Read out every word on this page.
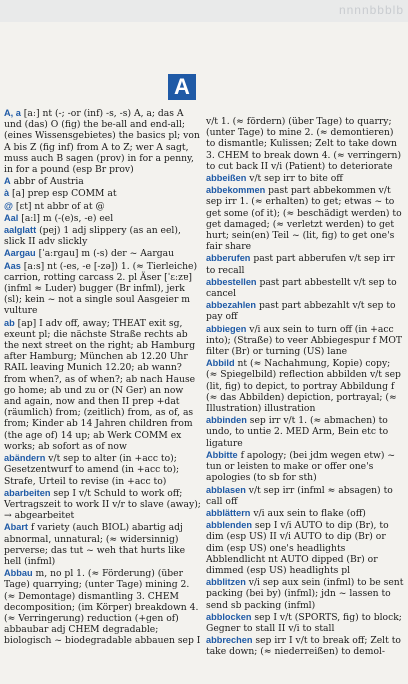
nnnnbbblb
A
A, a [aː] nt (-; -or (inf) -s, -s) A, a; das A und (das) O (fig) the be-all and end-all; (eines Wissensgebietes) the basics pl; von A bis Z (fig inf) from A to Z; wer A sagt, muss auch B sagen (prov) in for a penny, in for a pound (esp Br prov)
A abbr of Austria
à [a] prep esp COMM at
@ [ɛt] nt abbr of at @
Aal [aːl] m (-(e)s, -e) eel
aalglatt (pej) 1 adj slippery (as an eel), slick II adv slickly
Aargau [ˈaːrgau] m (-s) der ~ Aargau
Aas [aːs] nt (-es, -e [-zə]) 1. (≈ Tierleiche) carrion, rotting carcass 2. pl Äser [ˈɛːzɐ] (infml ≈ Luder) bugger (Br infml), jerk (sl); kein ~ not a single soul Aasgeier m vulture
ab [ap] I adv off, away; THEAT exit sg, exeunt pl; die nächste Straße rechts ab the next street on the right; ab Hamburg after Hamburg; München ab 12.20 Uhr RAIL leaving Munich 12.20; ab wann? from when?, as of when?; ab nach Hause go home; ab und zu or (N Ger) an now and again, now and then II prep +dat (räumlich) from; (zeitlich) from, as of, as from; Kinder ab 14 Jahren children from (the age of) 14 up; ab Werk COMM ex works; ab sofort as of now
abändern v/t sep to alter (in +acc to); Gesetzentwurf to amend (in +acc to); Strafe, Urteil to revise (in +acc to)
abarbeiten sep I v/t Schuld to work off; Vertragszeit to work II v/r to slave (away); → abgearbeitet
Abart f variety (auch BIOL) abartig adj abnormal, unnatural; (≈ widersinnig) perverse; das tut ~ weh that hurts like hell (infml)
Abbau m, no pl 1. (≈ Förderung) (über Tage) quarrying; (unter Tage) mining 2. (≈ Demontage) dismantling 3. CHEM decomposition; (im Körper) breakdown 4. (≈ Verringerung) reduction (+gen of) abbaubar adj CHEM degradable; biologisch ~ biodegradable abbauen sep I
v/t 1. (≈ fördern) (über Tage) to quarry; (unter Tage) to mine 2. (≈ demontieren) to dismantle; Kulissen; Zelt to take down 3. CHEM to break down 4. (≈ verringern) to cut back II v/i (Patient) to deteriorate
abbeißen v/t sep irr to bite off
abbekommen past part abbekommen v/t sep irr 1. (≈ erhalten) to get; etwas ~ to get some (of it); (≈ beschädigt werden) to get damaged; (≈ verletzt werden) to get hurt; sein(en) Teil ~ (lit, fig) to get one's fair share
abberufen past part abberufen v/t sep irr to recall
abbestellen past part abbestellt v/t sep to cancel
abbezahlen past part abbezahlt v/t sep to pay off
abbiegen v/i aux sein to turn off (in +acc into); (Straße) to veer Abbiegespur f MOT filter (Br) or turning (US) lane
Abbild nt (≈ Nachahmung, Kopie) copy; (≈ Spiegelbild) reflection abbilden v/t sep (lit, fig) to depict, to portray Abbildung f (≈ das Abbilden) depiction, portrayal; (≈ Illustration) illustration
abbinden sep irr v/t 1. (≈ abmachen) to undo, to untie 2. MED Arm, Bein etc to ligature
Abbitte f apology; (bei jdm wegen etw) ~ tun or leisten to make or offer one's apologies (to sb for sth)
abblasen v/t sep irr (infml ≈ absagen) to call off
abblättern v/i aux sein to flake (off)
abblenden sep I v/i AUTO to dip (Br), to dim (esp US) II v/i AUTO to dip (Br) or dim (esp US) one's headlights Abblendlicht nt AUTO dipped (Br) or dimmed (esp US) headlights pl
abblitzen v/i sep aux sein (infml) to be sent packing (bei by) (infml); jdn ~ lassen to send sb packing (infml)
abblocken sep I v/t (SPORTS, fig) to block; Gegner to stall II v/i to stall
abbrechen sep irr I v/t to break off; Zelt to take down; (≈ niederreißen) to demol-
